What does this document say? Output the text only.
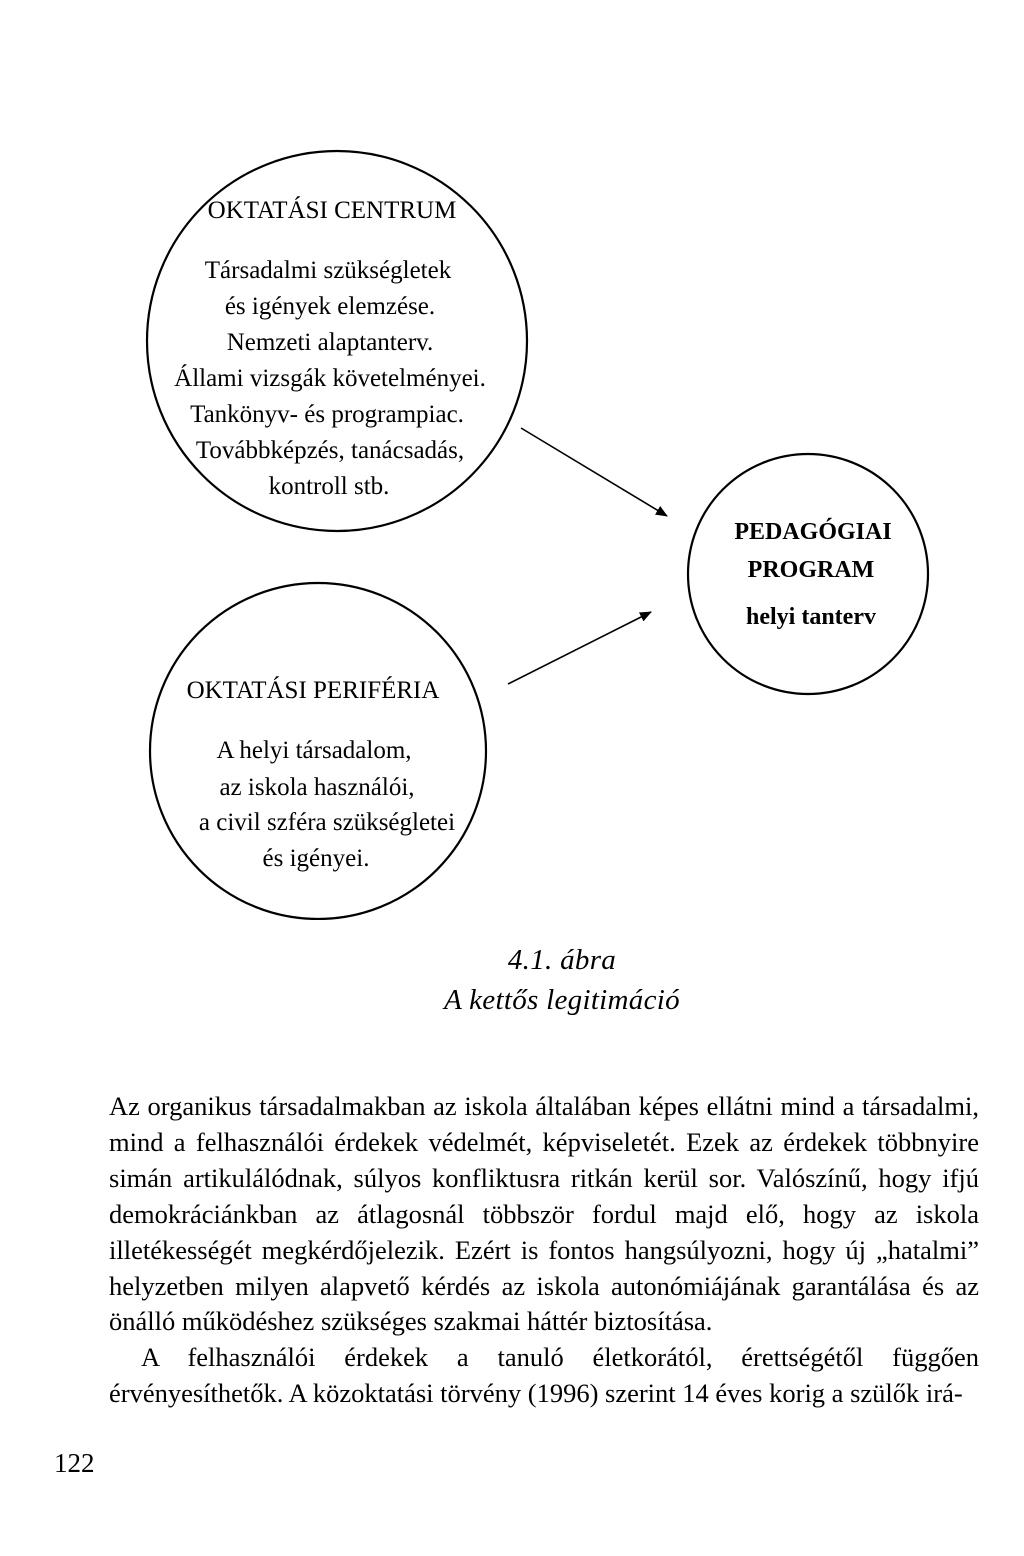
OKTATÁSI CENTRUM
Társadalmi szükségletek
és igények elemzése.
Nemzeti alaptanterv.
Állami vizsgák követelményei.
Tankönyv- és programpiac.
Továbbképzés, tanácsadás,
kontroll stb.
OKTATÁSI PERIFÉRIA
A helyi társadalom,
az iskola használói,
a civil szféra szükségletei
és igényei.
PEDAGÓGIAI
PROGRAM
helyi tanterv
4.1. ábra
A kettős legitimáció

Az organikus társadalmakban az iskola általában képes ellátni mind a társadalmi, mind a felhasználói érdekek védelmét, képviseletét. Ezek az érdekek többnyire simán artikulálódnak, súlyos konfliktusra ritkán kerül sor. Valószínű, hogy ifjú demokráciánkban az átlagosnál többször fordul majd elő, hogy az iskola illetékességét megkérdőjelezik. Ezért is fontos hangsúlyozni, hogy új „hatalmi” helyzetben milyen alapvető kérdés az iskola autonómiájának garantálása és az önálló működéshez szükséges szakmai háttér biztosítása.

A felhasználói érdekek a tanuló életkorától, érettségétől függően érvényesíthetők. A közoktatási törvény (1996) szerint 14 éves korig a szülők irá-

122
